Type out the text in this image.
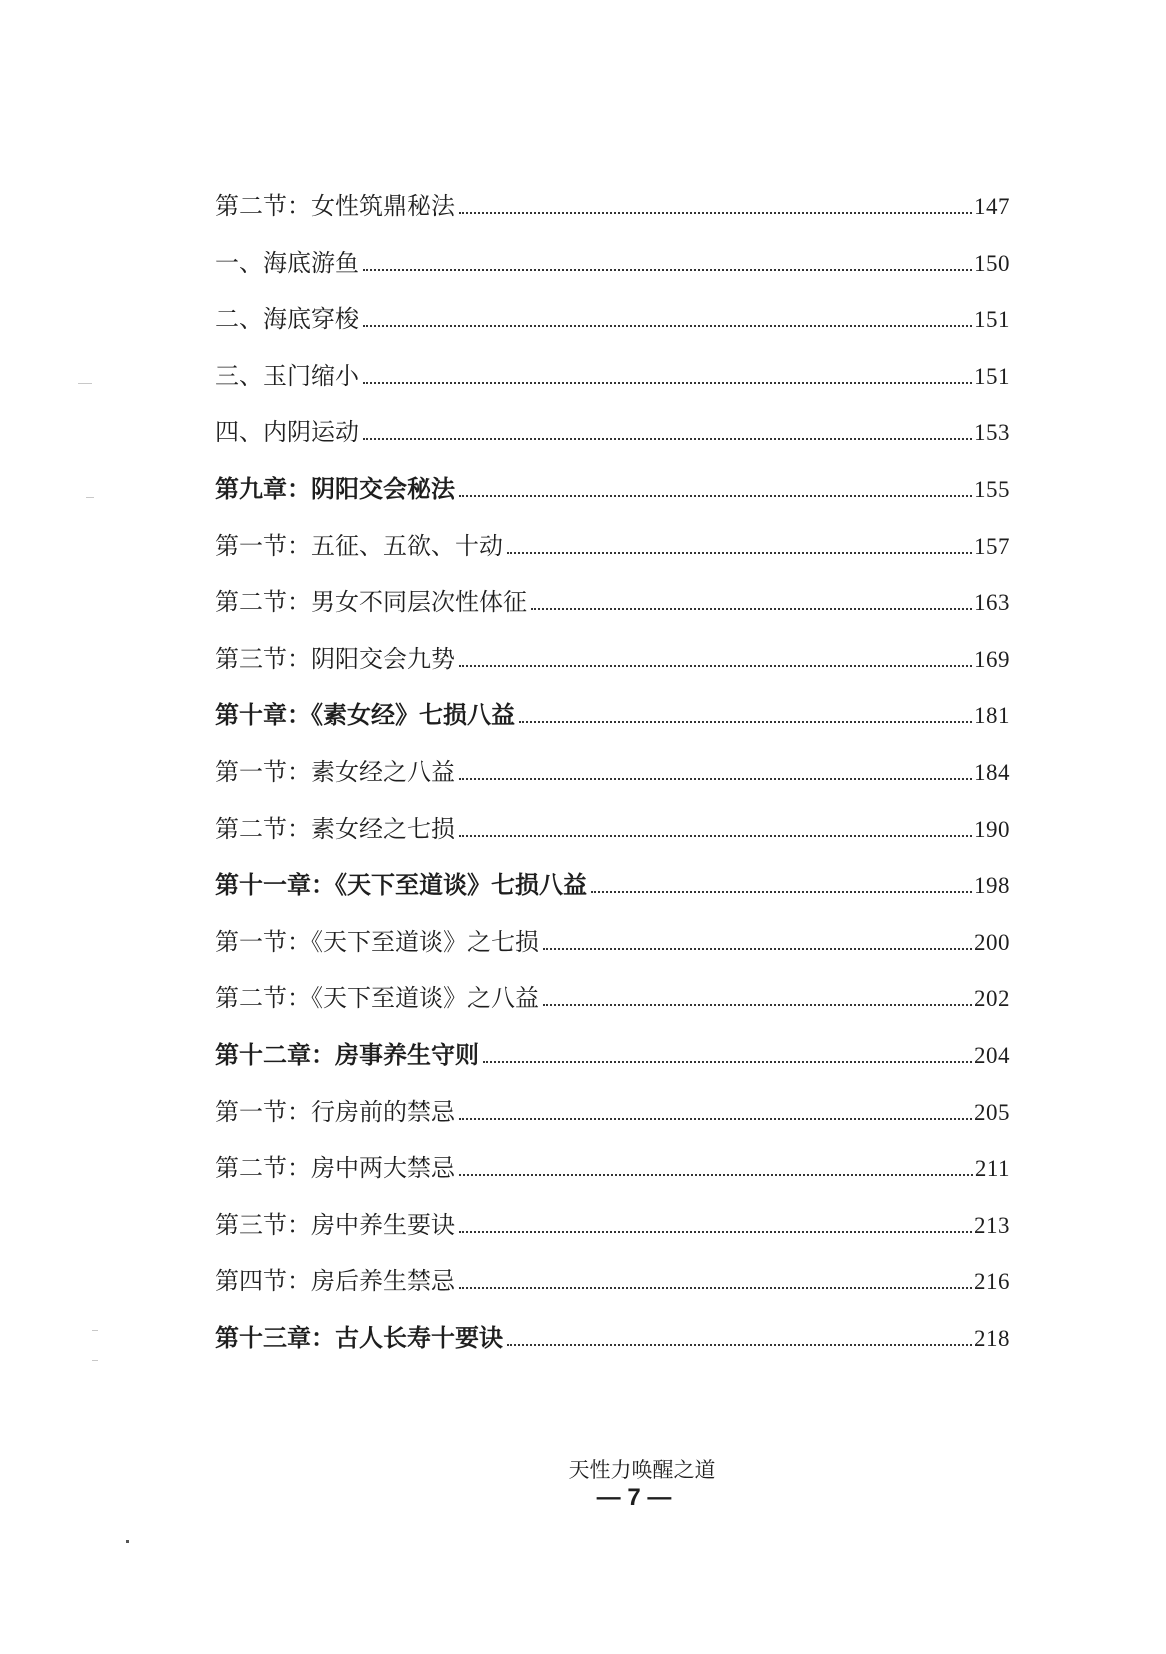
第二节：女性筑鼎秘法	147
一、海底游鱼	150
二、海底穿梭	151
三、玉门缩小	151
四、内阴运动	153
第九章：阴阳交会秘法	155
第一节：五征、五欲、十动	157
第二节：男女不同层次性体征	163
第三节：阴阳交会九势	169
第十章：《素女经》七损八益	181
第一节：素女经之八益	184
第二节：素女经之七损	190
第十一章：《天下至道谈》七损八益	198
第一节：《天下至道谈》之七损	200
第二节：《天下至道谈》之八益	202
第十二章：房事养生守则	204
第一节：行房前的禁忌	205
第二节：房中两大禁忌	211
第三节：房中养生要诀	213
第四节：房后养生禁忌	216
第十三章：古人长寿十要诀	218
天性力唤醒之道
— 7 —
